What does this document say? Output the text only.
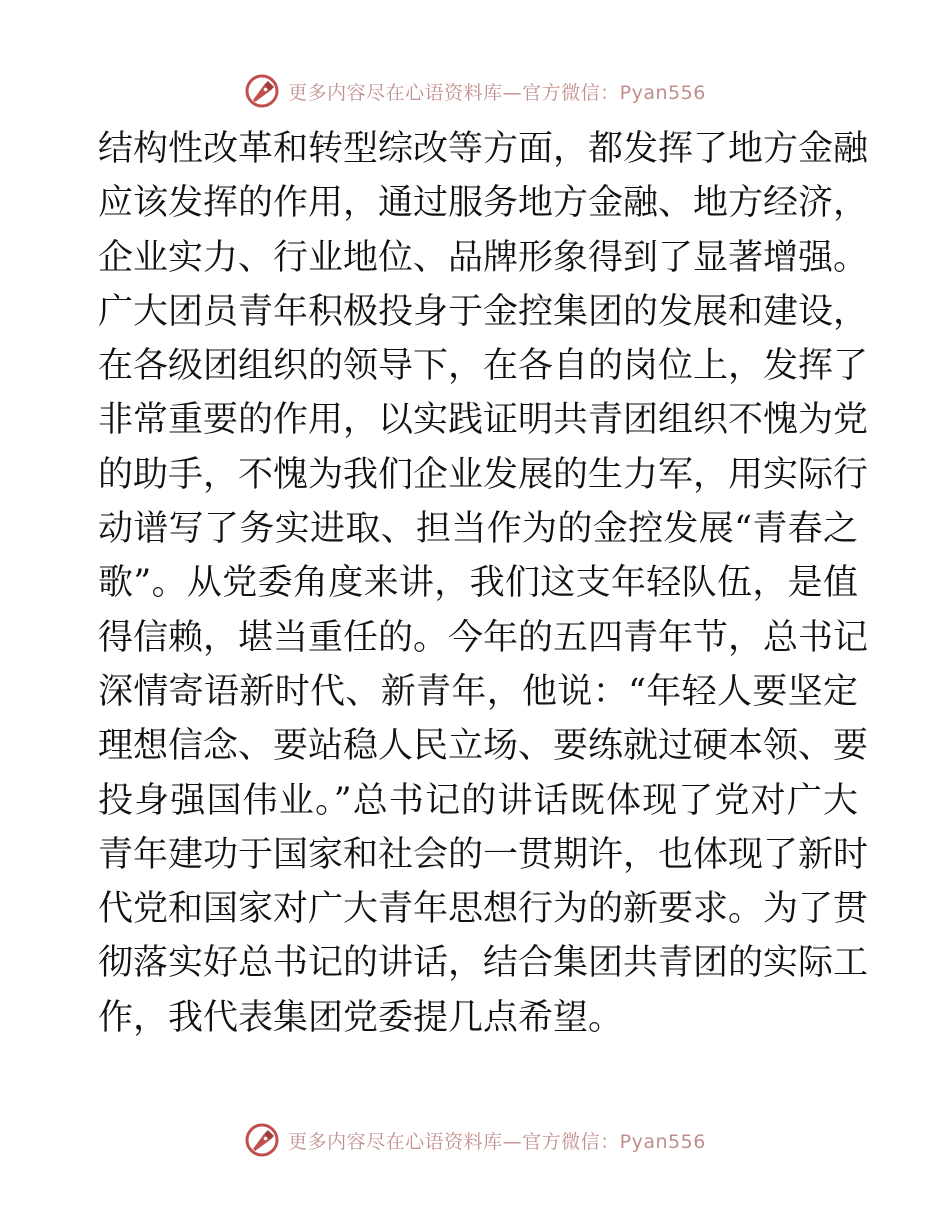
更多内容尽在心语资料库—官方微信：Pyan556
结构性改革和转型综改等方面，都发挥了地方金融
应该发挥的作用，通过服务地方金融、地方经济，
企业实力、行业地位、品牌形象得到了显著增强。
广大团员青年积极投身于金控集团的发展和建设，
在各级团组织的领导下，在各自的岗位上，发挥了
非常重要的作用，以实践证明共青团组织不愧为党
的助手，不愧为我们企业发展的生力军，用实际行
动谱写了务实进取、担当作为的金控发展“青春之
歌”。从党委角度来讲，我们这支年轻队伍，是值
得信赖，堪当重任的。今年的五四青年节，总书记
深情寄语新时代、新青年，他说：“年轻人要坚定
理想信念、要站稳人民立场、要练就过硬本领、要
投身强国伟业。”总书记的讲话既体现了党对广大
青年建功于国家和社会的一贯期许，也体现了新时
代党和国家对广大青年思想行为的新要求。为了贯
彻落实好总书记的讲话，结合集团共青团的实际工
作，我代表集团党委提几点希望。
更多内容尽在心语资料库—官方微信：Pyan556
